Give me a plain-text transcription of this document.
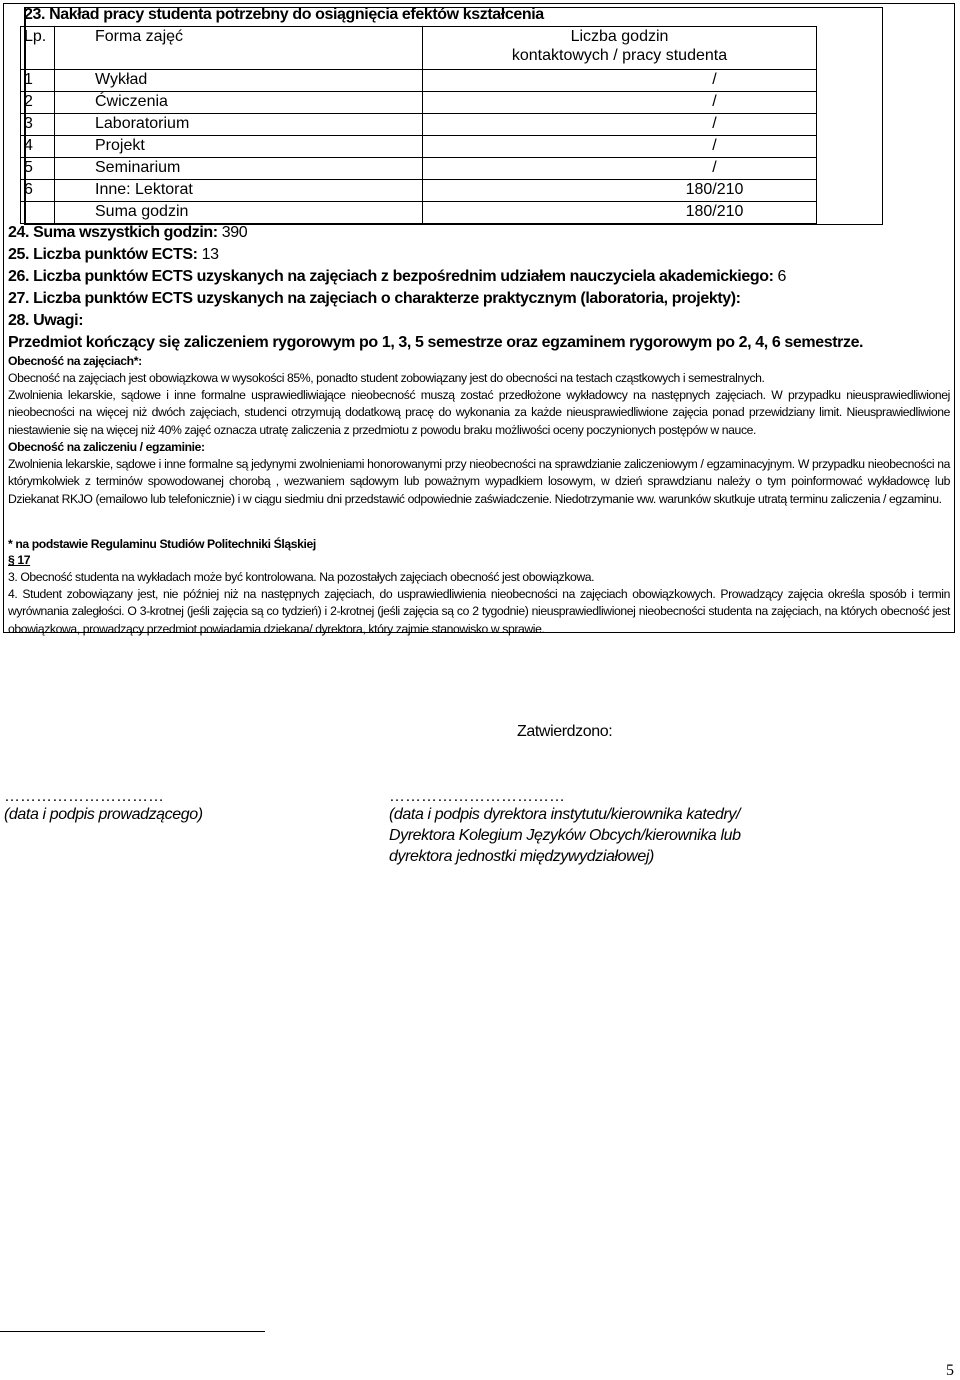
23. Nakład pracy studenta potrzebny do osiągnięcia efektów kształcenia
Lp.	Forma zajęć	Liczba godzin
kontaktowych / pracy studenta

1	Wykład	/
2	Ćwiczenia	/
3	Laboratorium	/
4	Projekt	/
5	Seminarium	/
6	Inne: Lektorat	180/210
	Suma godzin	180/210
24. Suma wszystkich godzin: 390
25. Liczba punktów ECTS: 13
26. Liczba punktów ECTS uzyskanych na zajęciach z bezpośrednim udziałem nauczyciela akademickiego: 6
27. Liczba punktów ECTS uzyskanych na zajęciach o charakterze praktycznym (laboratoria, projekty):
28. Uwagi:
Przedmiot kończący się zaliczeniem rygorowym po 1, 3, 5 semestrze oraz egzaminem rygorowym po 2, 4, 6 semestrze.
Obecność na zajęciach*:
Obecność na zajęciach jest obowiązkowa w wysokości 85%, ponadto student zobowiązany jest do obecności na testach cząstkowych i semestralnych.
Zwolnienia lekarskie, sądowe i inne formalne usprawiedliwiające nieobecność muszą zostać przedłożone wykładowcy na następnych zajęciach. W przypadku nieusprawiedliwionej nieobecności na więcej niż dwóch zajęciach, studenci otrzymują dodatkową pracę do wykonania za każde nieusprawiedliwione zajęcia ponad przewidziany limit. Nieusprawiedliwione niestawienie się na więcej niż 40% zajęć oznacza utratę zaliczenia z przedmiotu z powodu braku możliwości oceny poczynionych postępów w nauce.
Obecność na zaliczeniu / egzaminie:
Zwolnienia lekarskie, sądowe i inne formalne są jedynymi zwolnieniami honorowanymi przy nieobecności na sprawdzianie zaliczeniowym / egzaminacyjnym. W przypadku nieobecności na którymkolwiek z terminów spowodowanej chorobą , wezwaniem sądowym lub poważnym wypadkiem losowym, w dzień sprawdzianu należy o tym poinformować wykładowcę lub Dziekanat RKJO (emailowo lub telefonicznie) i w ciągu siedmiu dni przedstawić odpowiednie zaświadczenie. Niedotrzymanie ww. warunków skutkuje utratą terminu zaliczenia / egzaminu.
* na podstawie Regulaminu Studiów Politechniki Śląskiej
§ 17
3. Obecność studenta na wykładach może być kontrolowana. Na pozostałych zajęciach obecność jest obowiązkowa.
4. Student zobowiązany jest, nie później niż na następnych zajęciach, do usprawiedliwienia nieobecności na zajęciach obowiązkowych. Prowadzący zajęcia określa sposób i termin wyrównania zaległości. O 3-krotnej (jeśli zajęcia są co tydzień) i 2-krotnej (jeśli zajęcia są co 2 tygodnie) nieusprawiedliwionej nieobecności studenta na zajęciach, na których obecność jest obowiązkowa, prowadzący przedmiot powiadamia dziekana/ dyrektora, który zajmie stanowisko w sprawie.
Zatwierdzono:
…………………………
(data i podpis prowadzącego)
……………………………
(data i podpis dyrektora instytutu/kierownika katedry/
Dyrektora Kolegium Języków Obcych/kierownika lub
dyrektora jednostki międzywydziałowej)
5
